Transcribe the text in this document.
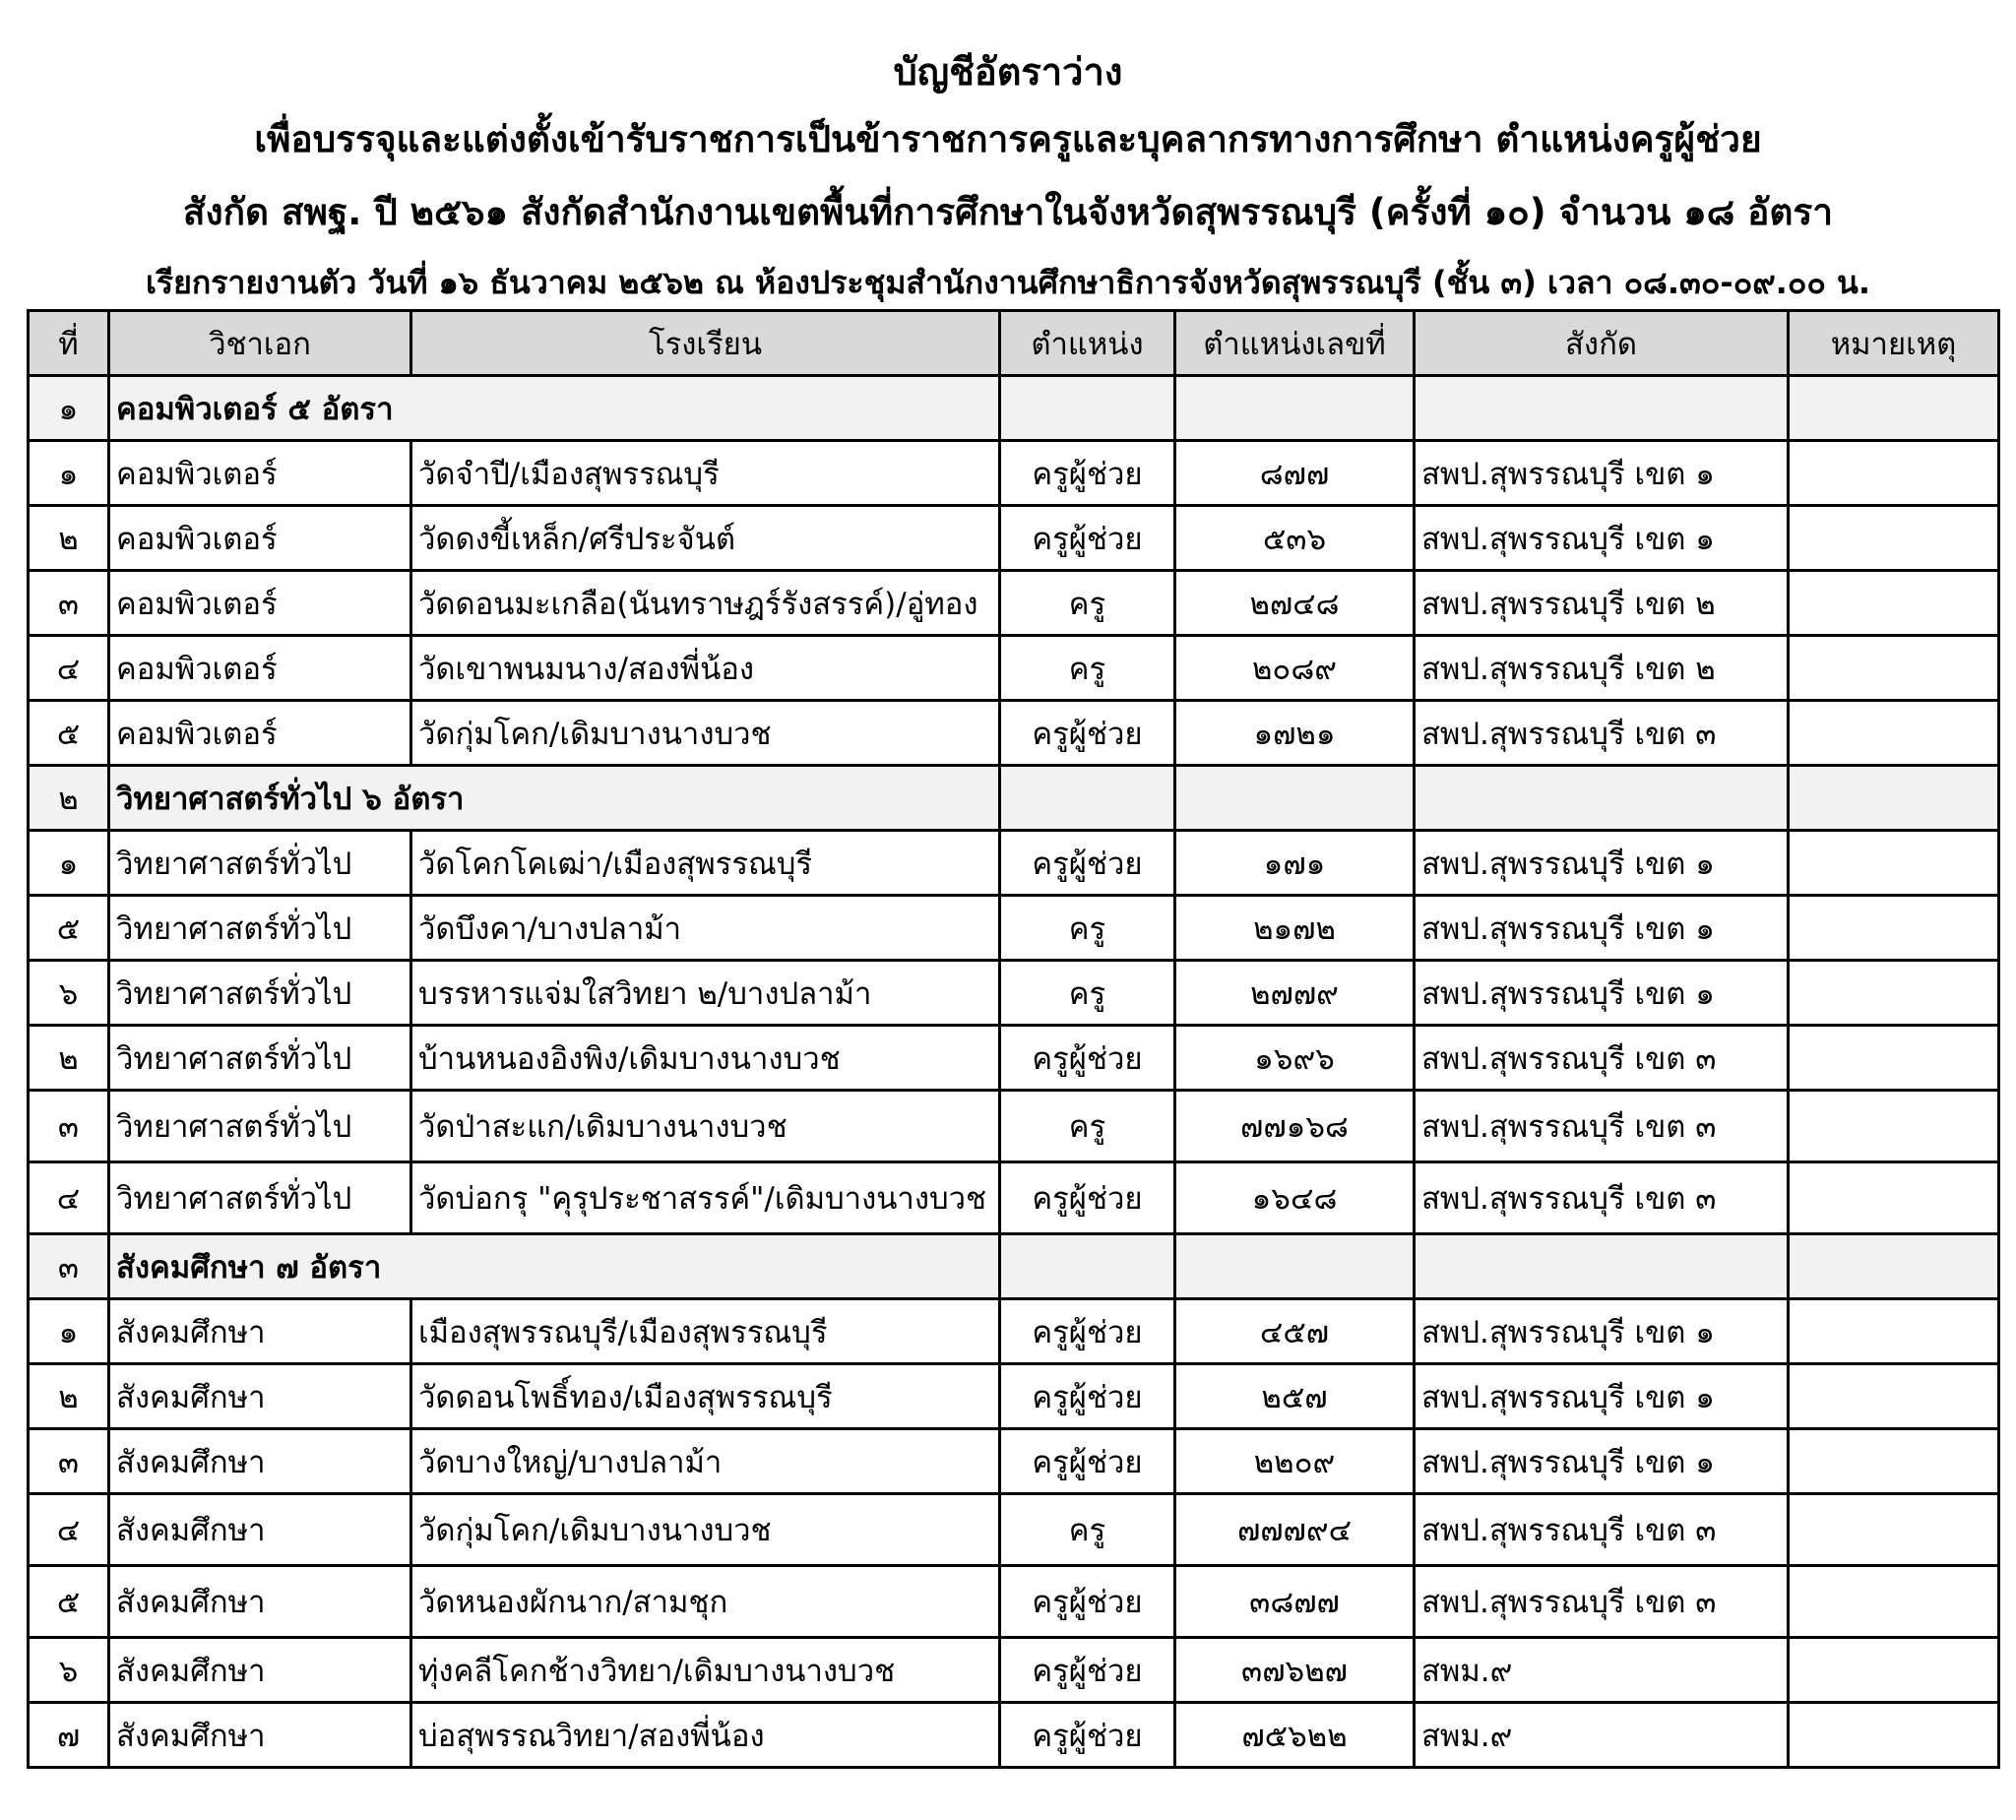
บัญชีอัตราว่าง
เพื่อบรรจุและแต่งตั้งเข้ารับราชการเป็นข้าราชการครูและบุคลากรทางการศึกษา ตำแหน่งครูผู้ช่วย
สังกัด สพฐ. ปี ๒๕๖๑ สังกัดสำนักงานเขตพื้นที่การศึกษาในจังหวัดสุพรรณบุรี (ครั้งที่ ๑๐) จำนวน ๑๘ อัตรา
เรียกรายงานตัว วันที่ ๑๖ ธันวาคม ๒๕๖๒ ณ ห้องประชุมสำนักงานศึกษาธิการจังหวัดสุพรรณบุรี (ชั้น ๓) เวลา ๐๘.๓๐-๐๙.๐๐ น.
ที่	วิชาเอก	โรงเรียน	ตำแหน่ง	ตำแหน่งเลขที่	สังกัด	หมายเหตุ
๑	คอมพิวเตอร์ ๕ อัตรา					
๑	คอมพิวเตอร์	วัดจำปี/เมืองสุพรรณบุรี	ครูผู้ช่วย	๘๗๗	สพป.สุพรรณบุรี เขต ๑	
๒	คอมพิวเตอร์	วัดดงขี้เหล็ก/ศรีประจันต์	ครูผู้ช่วย	๕๓๖	สพป.สุพรรณบุรี เขต ๑	
๓	คอมพิวเตอร์	วัดดอนมะเกลือ(นันทราษฎร์รังสรรค์)/อู่ทอง	ครู	๒๗๔๘	สพป.สุพรรณบุรี เขต ๒	
๔	คอมพิวเตอร์	วัดเขาพนมนาง/สองพี่น้อง	ครู	๒๐๘๙	สพป.สุพรรณบุรี เขต ๒	
๕	คอมพิวเตอร์	วัดกุ่มโคก/เดิมบางนางบวช	ครูผู้ช่วย	๑๗๒๑	สพป.สุพรรณบุรี เขต ๓	
๒	วิทยาศาสตร์ทั่วไป ๖ อัตรา					
๑	วิทยาศาสตร์ทั่วไป	วัดโคกโคเฒ่า/เมืองสุพรรณบุรี	ครูผู้ช่วย	๑๗๑	สพป.สุพรรณบุรี เขต ๑	
๕	วิทยาศาสตร์ทั่วไป	วัดบึงคา/บางปลาม้า	ครู	๒๑๗๒	สพป.สุพรรณบุรี เขต ๑	
๖	วิทยาศาสตร์ทั่วไป	บรรหารแจ่มใสวิทยา ๒/บางปลาม้า	ครู	๒๗๗๙	สพป.สุพรรณบุรี เขต ๑	
๒	วิทยาศาสตร์ทั่วไป	บ้านหนองอิงพิง/เดิมบางนางบวช	ครูผู้ช่วย	๑๖๙๖	สพป.สุพรรณบุรี เขต ๓	
๓	วิทยาศาสตร์ทั่วไป	วัดป่าสะแก/เดิมบางนางบวช	ครู	๗๗๑๖๘	สพป.สุพรรณบุรี เขต ๓	
๔	วิทยาศาสตร์ทั่วไป	วัดบ่อกรุ "คุรุประชาสรรค์"/เดิมบางนางบวช	ครูผู้ช่วย	๑๖๔๘	สพป.สุพรรณบุรี เขต ๓	
๓	สังคมศึกษา ๗ อัตรา					
๑	สังคมศึกษา	เมืองสุพรรณบุรี/เมืองสุพรรณบุรี	ครูผู้ช่วย	๔๕๗	สพป.สุพรรณบุรี เขต ๑	
๒	สังคมศึกษา	วัดดอนโพธิ์ทอง/เมืองสุพรรณบุรี	ครูผู้ช่วย	๒๕๗	สพป.สุพรรณบุรี เขต ๑	
๓	สังคมศึกษา	วัดบางใหญ่/บางปลาม้า	ครูผู้ช่วย	๒๒๐๙	สพป.สุพรรณบุรี เขต ๑	
๔	สังคมศึกษา	วัดกุ่มโคก/เดิมบางนางบวช	ครู	๗๗๗๙๔	สพป.สุพรรณบุรี เขต ๓	
๕	สังคมศึกษา	วัดหนองผักนาก/สามชุก	ครูผู้ช่วย	๓๘๗๗	สพป.สุพรรณบุรี เขต ๓	
๖	สังคมศึกษา	ทุ่งคลีโคกช้างวิทยา/เดิมบางนางบวช	ครูผู้ช่วย	๓๗๖๒๗	สพม.๙	
๗	สังคมศึกษา	บ่อสุพรรณวิทยา/สองพี่น้อง	ครูผู้ช่วย	๗๕๖๒๒	สพม.๙	
